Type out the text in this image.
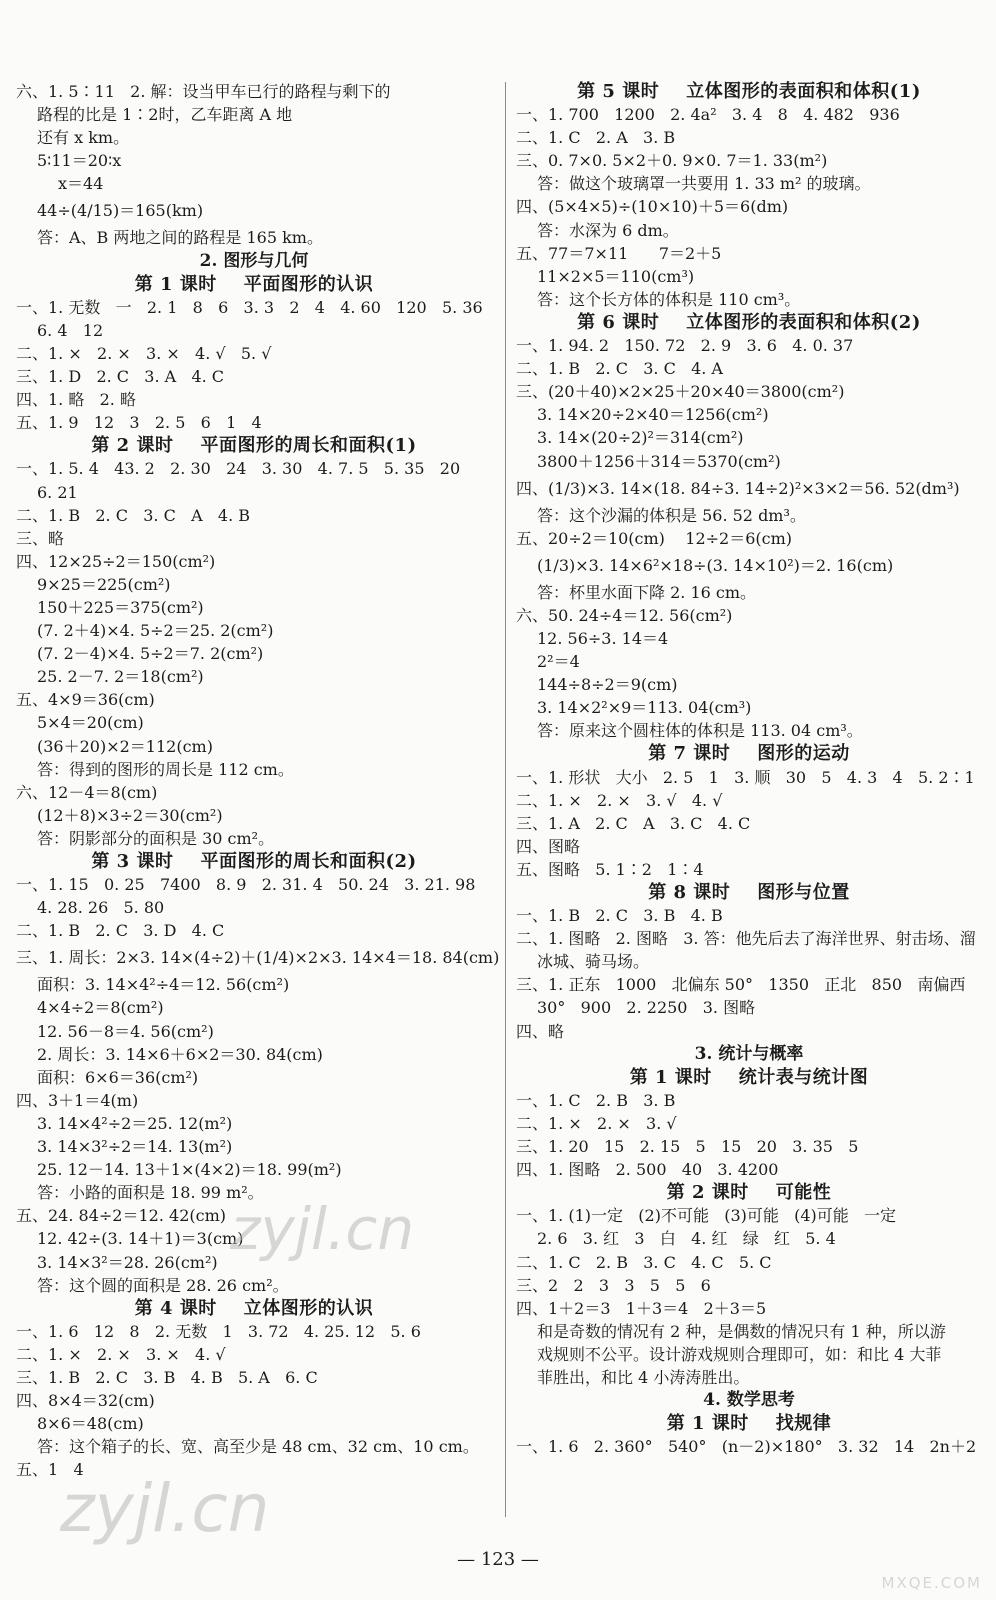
六、1. 5∶11   2. 解：设当甲车已行的路程与剩下的
路程的比是 1∶2时，乙车距离 A 地
还有 x km。
5∶11＝20∶x
x＝44
44÷(4/15)＝165(km)
答：A、B 两地之间的路程是 165 km。
2. 图形与几何
第 1 课时    平面图形的认识
一、1. 无数   一   2. 1   8   6   3. 3   2   4   4. 60   120   5. 36
6. 4   12
二、1. ×   2. ×   3. ×   4. √   5. √
三、1. D   2. C   3. A   4. C
四、1. 略   2. 略
五、1. 9   12   3   2. 5   6   1   4
第 2 课时    平面图形的周长和面积(1)
一、1. 5. 4   43. 2   2. 30   24   3. 30   4. 7. 5   5. 35   20
6. 21
二、1. B   2. C   3. C   A   4. B
三、略
四、12×25÷2＝150(cm²)
9×25＝225(cm²)
150＋225＝375(cm²)
(7. 2＋4)×4. 5÷2＝25. 2(cm²)
(7. 2－4)×4. 5÷2＝7. 2(cm²)
25. 2－7. 2＝18(cm²)
五、4×9＝36(cm)
5×4＝20(cm)
(36＋20)×2＝112(cm)
答：得到的图形的周长是 112 cm。
六、12－4＝8(cm)
(12＋8)×3÷2＝30(cm²)
答：阴影部分的面积是 30 cm²。
第 3 课时    平面图形的周长和面积(2)
一、1. 15   0. 25   7400   8. 9   2. 31. 4   50. 24   3. 21. 98
4. 28. 26   5. 80
二、1. B   2. C   3. D   4. C
三、1. 周长：2×3. 14×(4÷2)＋(1/4)×2×3. 14×4＝18. 84(cm)
面积：3. 14×4²÷4＝12. 56(cm²)
4×4÷2＝8(cm²)
12. 56－8＝4. 56(cm²)
2. 周长：3. 14×6＋6×2＝30. 84(cm)
面积：6×6＝36(cm²)
四、3＋1＝4(m)
3. 14×4²÷2＝25. 12(m²)
3. 14×3²÷2＝14. 13(m²)
25. 12－14. 13＋1×(4×2)＝18. 99(m²)
答：小路的面积是 18. 99 m²。
五、24. 84÷2＝12. 42(cm)
12. 42÷(3. 14＋1)＝3(cm)
3. 14×3²＝28. 26(cm²)
答：这个圆的面积是 28. 26 cm²。
第 4 课时    立体图形的认识
一、1. 6   12   8   2. 无数   1   3. 72   4. 25. 12   5. 6
二、1. ×   2. ×   3. ×   4. √
三、1. B   2. C   3. B   4. B   5. A   6. C
四、8×4＝32(cm)
8×6＝48(cm)
答：这个箱子的长、宽、高至少是 48 cm、32 cm、10 cm。
五、1   4
第 5 课时    立体图形的表面积和体积(1)
一、1. 700   1200   2. 4a²   3. 4   8   4. 482   936
二、1. C   2. A   3. B
三、0. 7×0. 5×2＋0. 9×0. 7＝1. 33(m²)
答：做这个玻璃罩一共要用 1. 33 m² 的玻璃。
四、(5×4×5)÷(10×10)＋5＝6(dm)
答：水深为 6 dm。
五、77＝7×11      7＝2＋5
11×2×5＝110(cm³)
答：这个长方体的体积是 110 cm³。
第 6 课时    立体图形的表面积和体积(2)
一、1. 94. 2   150. 72   2. 9   3. 6   4. 0. 37
二、1. B   2. C   3. C   4. A
三、(20＋40)×2×25＋20×40＝3800(cm²)
3. 14×20÷2×40＝1256(cm²)
3. 14×(20÷2)²＝314(cm²)
3800＋1256＋314＝5370(cm²)
四、(1/3)×3. 14×(18. 84÷3. 14÷2)²×3×2＝56. 52(dm³)
答：这个沙漏的体积是 56. 52 dm³。
五、20÷2＝10(cm)    12÷2＝6(cm)
(1/3)×3. 14×6²×18÷(3. 14×10²)＝2. 16(cm)
答：杯里水面下降 2. 16 cm。
六、50. 24÷4＝12. 56(cm²)
12. 56÷3. 14＝4
2²＝4
144÷8÷2＝9(cm)
3. 14×2²×9＝113. 04(cm³)
答：原来这个圆柱体的体积是 113. 04 cm³。
第 7 课时    图形的运动
一、1. 形状   大小   2. 5   1   3. 顺   30   5   4. 3   4   5. 2∶1
二、1. ×   2. ×   3. √   4. √
三、1. A   2. C   A   3. C   4. C
四、图略
五、图略   5. 1∶2   1∶4
第 8 课时    图形与位置
一、1. B   2. C   3. B   4. B
二、1. 图略   2. 图略   3. 答：他先后去了海洋世界、射击场、溜
冰城、骑马场。
三、1. 正东   1000   北偏东 50°   1350   正北   850   南偏西
30°   900   2. 2250   3. 图略
四、略
3. 统计与概率
第 1 课时    统计表与统计图
一、1. C   2. B   3. B
二、1. ×   2. ×   3. √
三、1. 20   15   2. 15   5   15   20   3. 35   5
四、1. 图略   2. 500   40   3. 4200
第 2 课时    可能性
一、1. (1)一定   (2)不可能   (3)可能   (4)可能   一定
2. 6   3. 红   3   白   4. 红   绿   红   5. 4
二、1. C   2. B   3. C   4. C   5. C
三、2   2   3   3   5   5   6
四、1＋2＝3   1＋3＝4   2＋3＝5
和是奇数的情况有 2 种，是偶数的情况只有 1 种，所以游
戏规则不公平。设计游戏规则合理即可，如：和比 4 大菲
菲胜出，和比 4 小涛涛胜出。
4. 数学思考
第 1 课时    找规律
一、1. 6   2. 360°   540°   (n－2)×180°   3. 32   14   2n＋2
— 123 —
zyjl.cn
zyjl.cn
MXQE.COM
